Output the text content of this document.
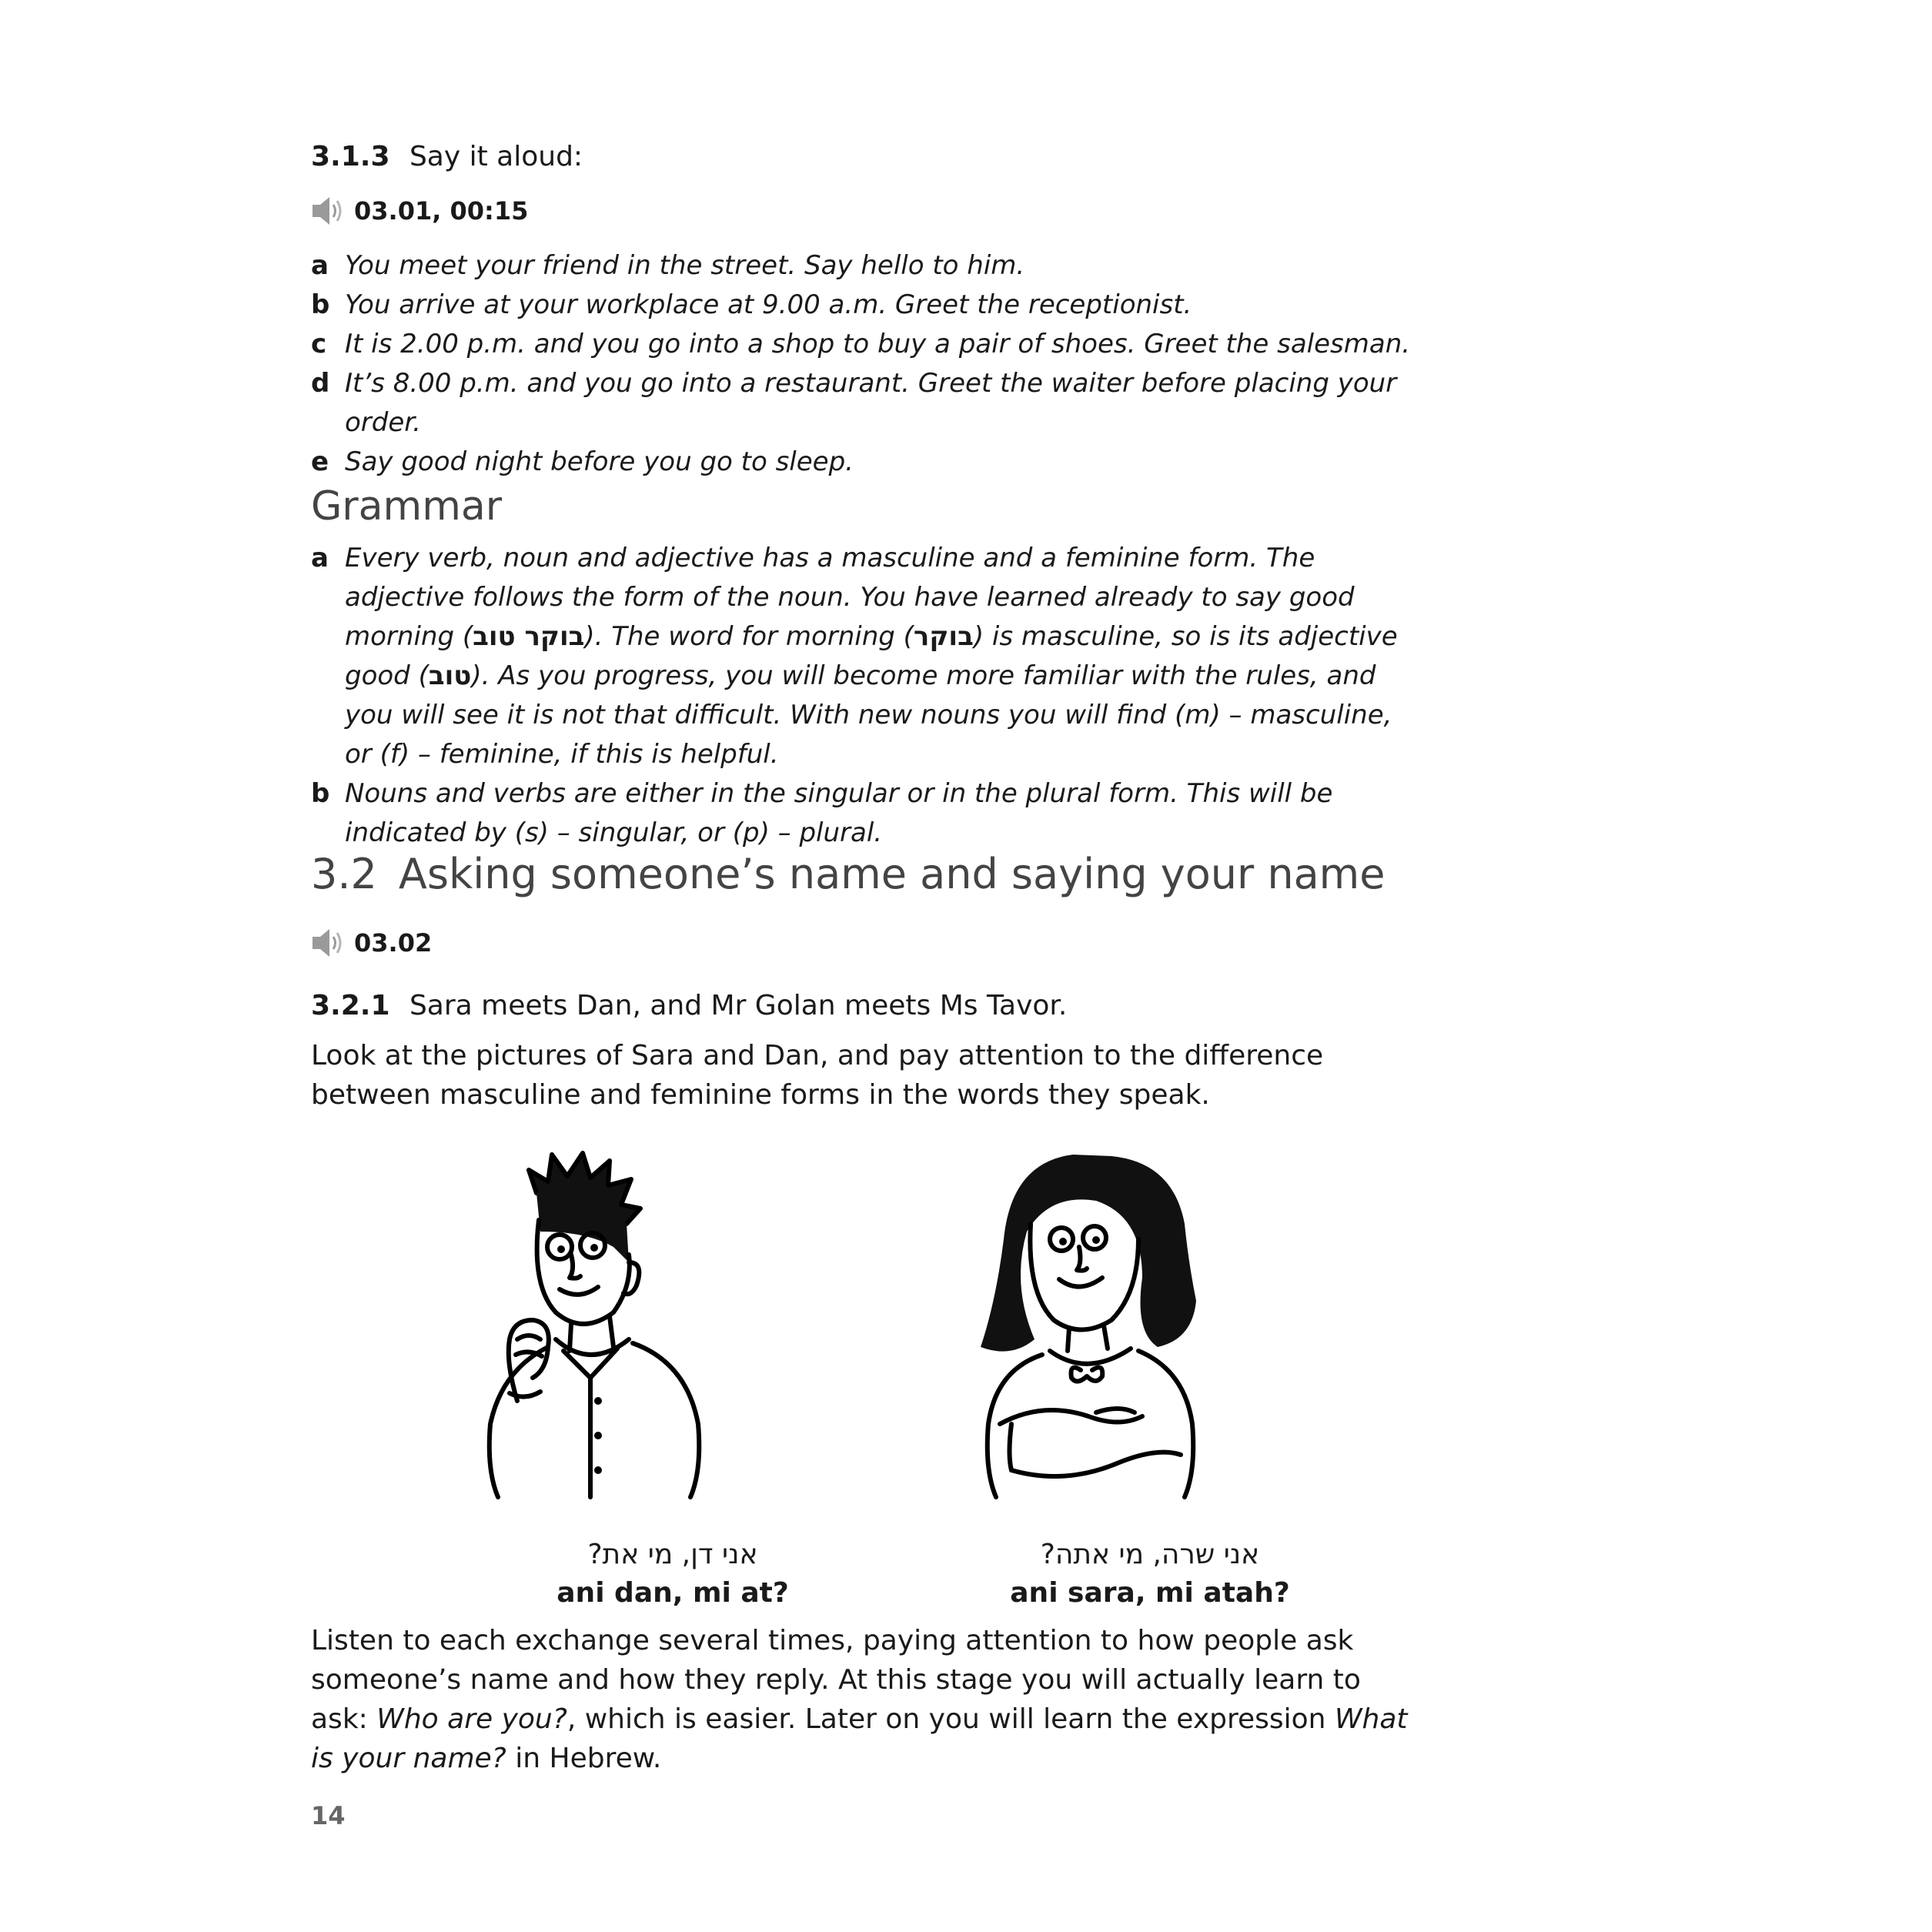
3.1.3 Say it aloud:
03.01, 00:15
a You meet your friend in the street. Say hello to him.
b You arrive at your workplace at 9.00 a.m. Greet the receptionist.
c It is 2.00 p.m. and you go into a shop to buy a pair of shoes. Greet the salesman.
d It’s 8.00 p.m. and you go into a restaurant. Greet the waiter before placing your order.
e Say good night before you go to sleep.
Grammar
a Every verb, noun and adjective has a masculine and a feminine form. The adjective follows the form of the noun. You have learned already to say good morning (בוקר טוב). The word for morning (בוקר) is masculine, so is its adjective good (טוב). As you progress, you will become more familiar with the rules, and you will see it is not that difficult. With new nouns you will find (m) – masculine, or (f) – feminine, if this is helpful.
b Nouns and verbs are either in the singular or in the plural form. This will be indicated by (s) – singular, or (p) – plural.
3.2 Asking someone’s name and saying your name
03.02
3.2.1 Sara meets Dan, and Mr Golan meets Ms Tavor.
Look at the pictures of Sara and Dan, and pay attention to the difference between masculine and feminine forms in the words they speak.
אני דן, מי את?
ani dan, mi at?
אני שרה, מי אתה?
ani sara, mi atah?
Listen to each exchange several times, paying attention to how people ask someone’s name and how they reply. At this stage you will actually learn to ask: Who are you?, which is easier. Later on you will learn the expression What is your name? in Hebrew.
14
